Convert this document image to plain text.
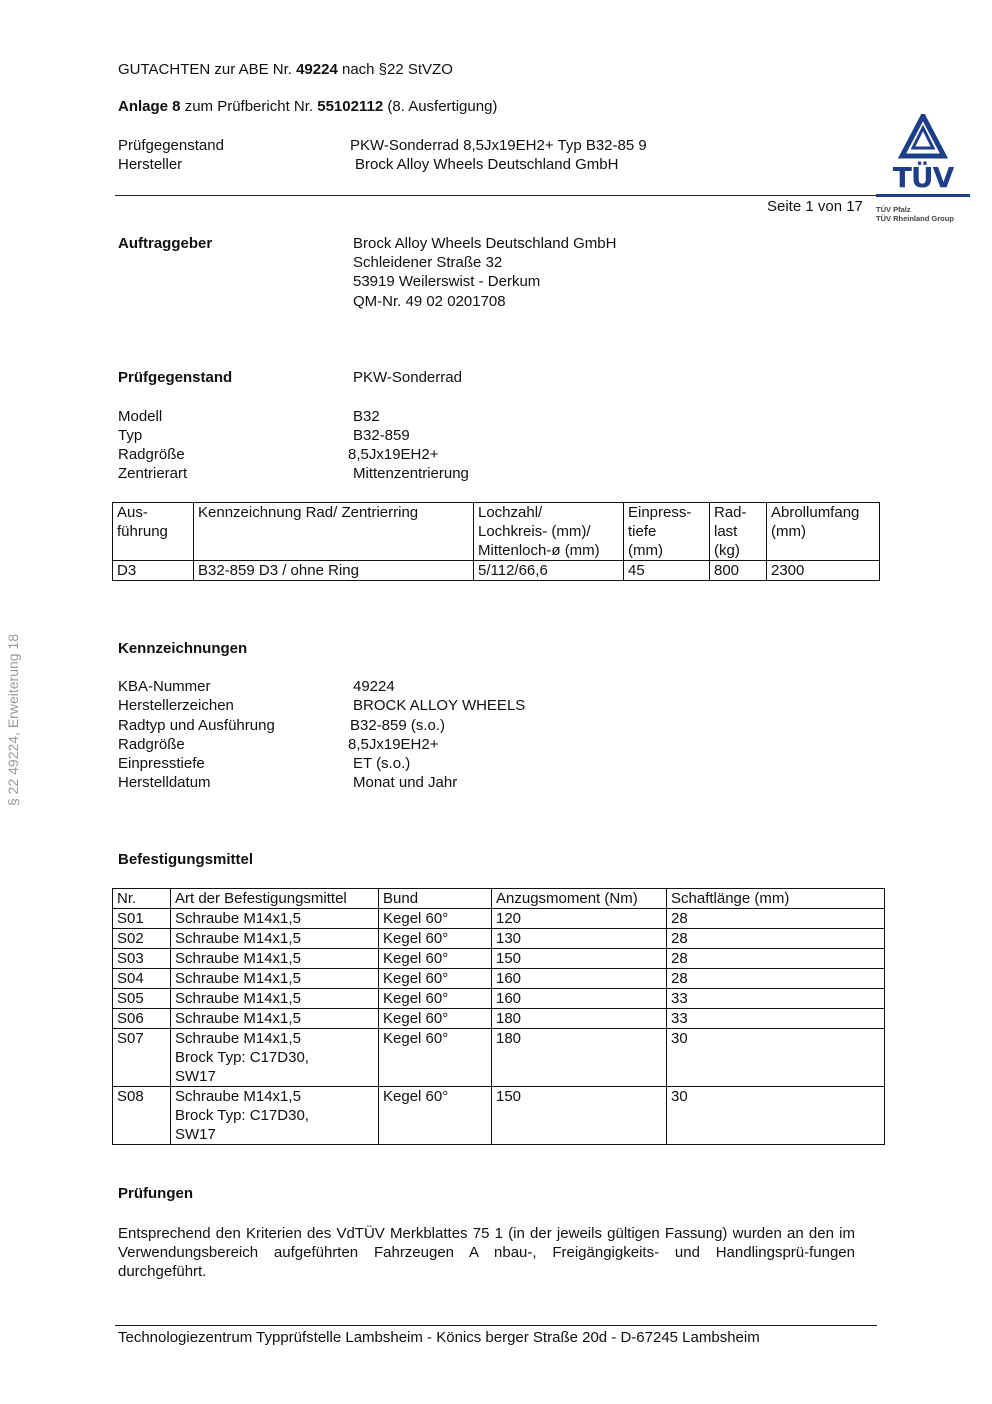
§ 22 49224, Erweiterung 18
GUTACHTEN zur ABE Nr. 49224 nach §22 StVZO
Anlage 8 zum Prüfbericht Nr. 55102112 (8. Ausfertigung)
Prüfgegenstand	PKW-Sonderrad 8,5Jx19EH2+ Typ B32-85 9
Hersteller	Brock Alloy Wheels Deutschland GmbH
Seite 1 von 17
TÜV
TÜV Pfalz
TÜV Rheinland Group
Auftraggeber	Brock Alloy Wheels Deutschland GmbH
Schleidener Straße 32
53919 Weilerswist - Derkum
QM-Nr. 49 02 0201708
Prüfgegenstand	PKW-Sonderrad
Modell	B32
Typ	B32-859
Radgröße	8,5Jx19EH2+
Zentrierart	Mittenzentrierung
Aus-
führung	Kennzeichnung Rad/ Zentrierring	Lochzahl/
Lochkreis- (mm)/
Mittenloch-ø (mm)	Einpress-
tiefe
(mm)	Rad-
last
(kg)	Abrollumfang
(mm)
D3	B32-859 D3 / ohne Ring	5/112/66,6	45	800	2300
Kennzeichnungen
KBA-Nummer	49224
Herstellerzeichen	BROCK ALLOY WHEELS
Radtyp und Ausführung	B32-859 (s.o.)
Radgröße	8,5Jx19EH2+
Einpresstiefe	ET (s.o.)
Herstelldatum	Monat und Jahr
Befestigungsmittel
Nr.	Art der Befestigungsmittel	Bund	Anzugsmoment (Nm)	Schaftlänge (mm)
S01	Schraube M14x1,5	Kegel 60°	120	28
S02	Schraube M14x1,5	Kegel 60°	130	28
S03	Schraube M14x1,5	Kegel 60°	150	28
S04	Schraube M14x1,5	Kegel 60°	160	28
S05	Schraube M14x1,5	Kegel 60°	160	33
S06	Schraube M14x1,5	Kegel 60°	180	33
S07	Schraube M14x1,5
Brock Typ: C17D30,
SW17	Kegel 60°	180	30
S08	Schraube M14x1,5
Brock Typ: C17D30,
SW17	Kegel 60°	150	30
Prüfungen
Entsprechend den Kriterien des VdTÜV Merkblattes 75 1 (in der jeweils gültigen Fassung) wurden an den im Verwendungsbereich aufgeführten Fahrzeugen A nbau-, Freigängigkeits- und Handlingsprü-fungen durchgeführt.
Technologiezentrum Typprüfstelle Lambsheim - Könics berger Straße 20d - D-67245 Lambsheim
